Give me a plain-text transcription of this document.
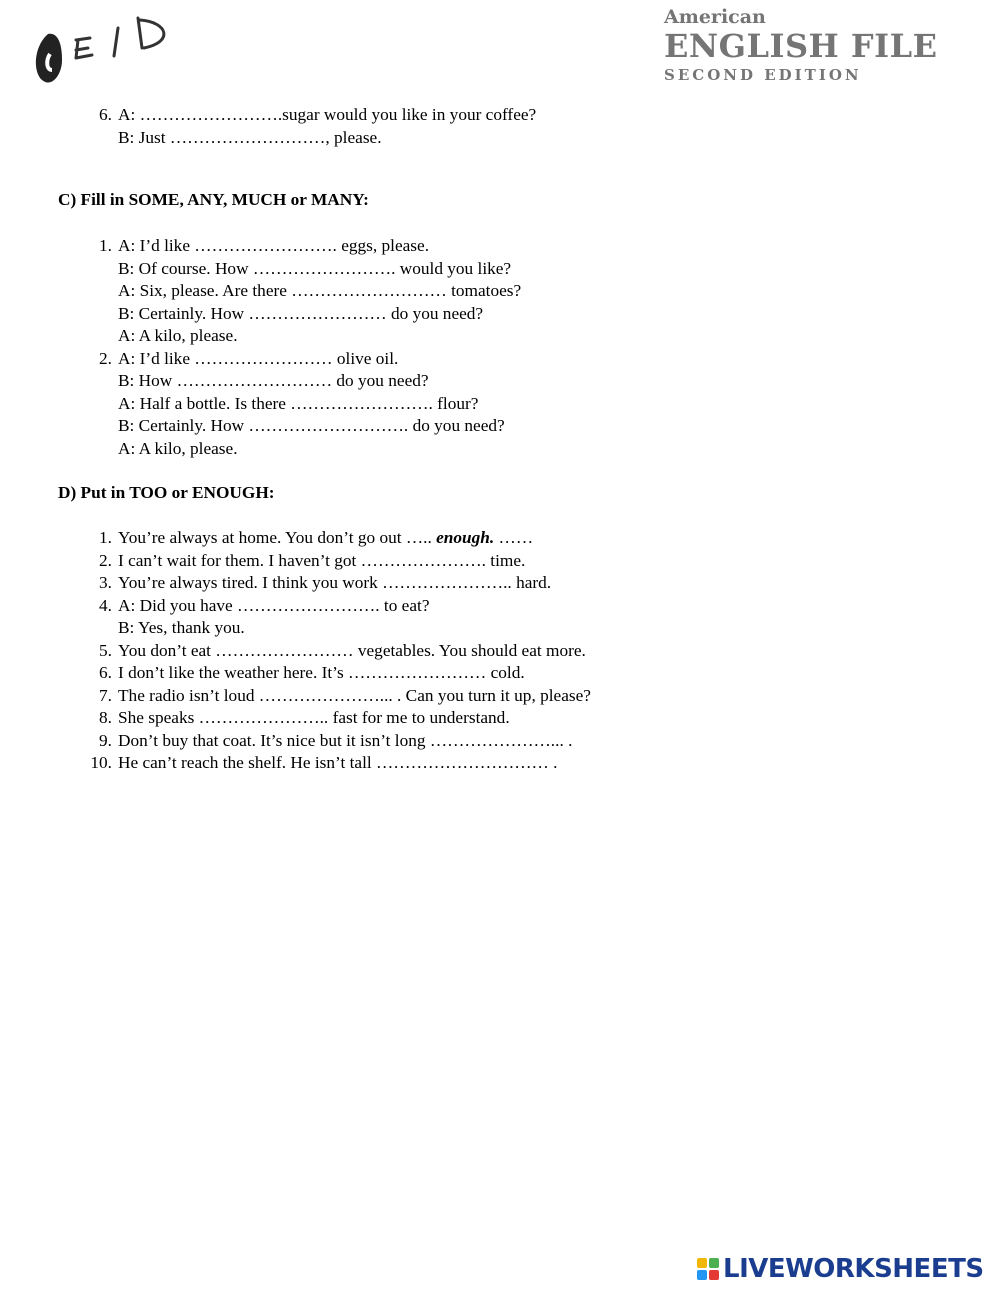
American
ENGLISH FILE
SECOND EDITION
6. A: …………………….sugar would you like in your coffee?
B: Just ………………………, please.
C) Fill in SOME, ANY, MUCH or MANY:
1. A: I’d like ……………………. eggs, please.
B: Of course. How ……………………. would you like?
A: Six, please. Are there ……………………… tomatoes?
B: Certainly. How …………………… do you need?
A: A kilo, please.
2. A: I’d like …………………… olive oil.
B: How ……………………… do you need?
A: Half a bottle. Is there ……………………. flour?
B: Certainly. How ………………………. do you need?
A: A kilo, please.
D) Put in TOO or ENOUGH:
1. You’re always at home. You don’t go out ….. enough. ……
2. I can’t wait for them. I haven’t got …………………. time.
3. You’re always tired. I think you work ………………….. hard.
4. A: Did you have ……………………. to eat?
B: Yes, thank you.
5. You don’t eat …………………… vegetables. You should eat more.
6. I don’t like the weather here. It’s …………………… cold.
7. The radio isn’t loud …………………... . Can you turn it up, please?
8. She speaks ………………….. fast for me to understand.
9. Don’t buy that coat. It’s nice but it isn’t long …………………... .
10. He can’t reach the shelf. He isn’t tall ………………………… .
LIVEWORKSHEETS
